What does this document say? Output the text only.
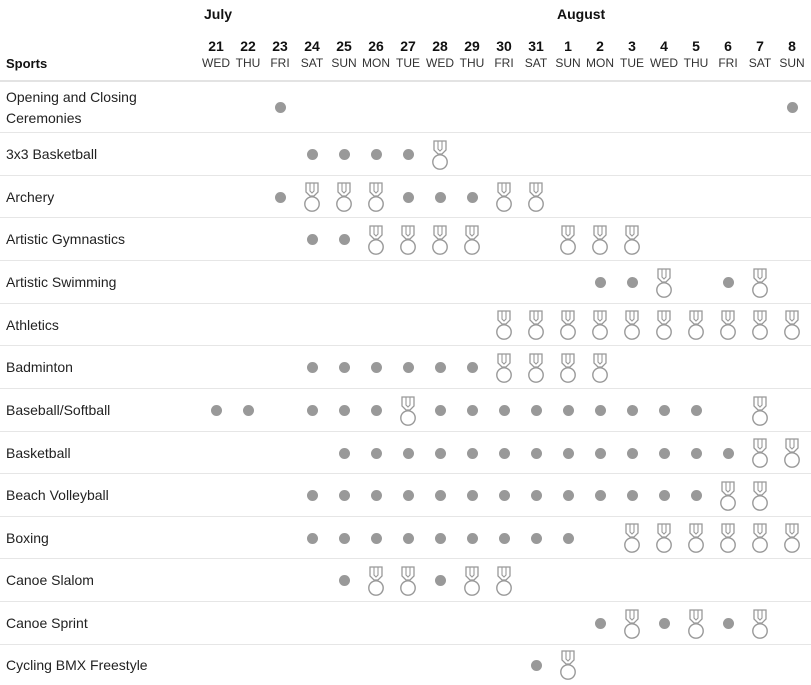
July	August
Sports
21
WED
22
THU
23
FRI
24
SAT
25
SUN
26
MON
27
TUE
28
WED
29
THU
30
FRI
31
SAT
1
SUN
2
MON
3
TUE
4
WED
5
THU
6
FRI
7
SAT
8
SUN
Opening and Closing Ceremonies
3x3 Basketball
Archery
Artistic Gymnastics
Artistic Swimming
Athletics
Badminton
Baseball/Softball
Basketball
Beach Volleyball
Boxing
Canoe Slalom
Canoe Sprint
Cycling BMX Freestyle
